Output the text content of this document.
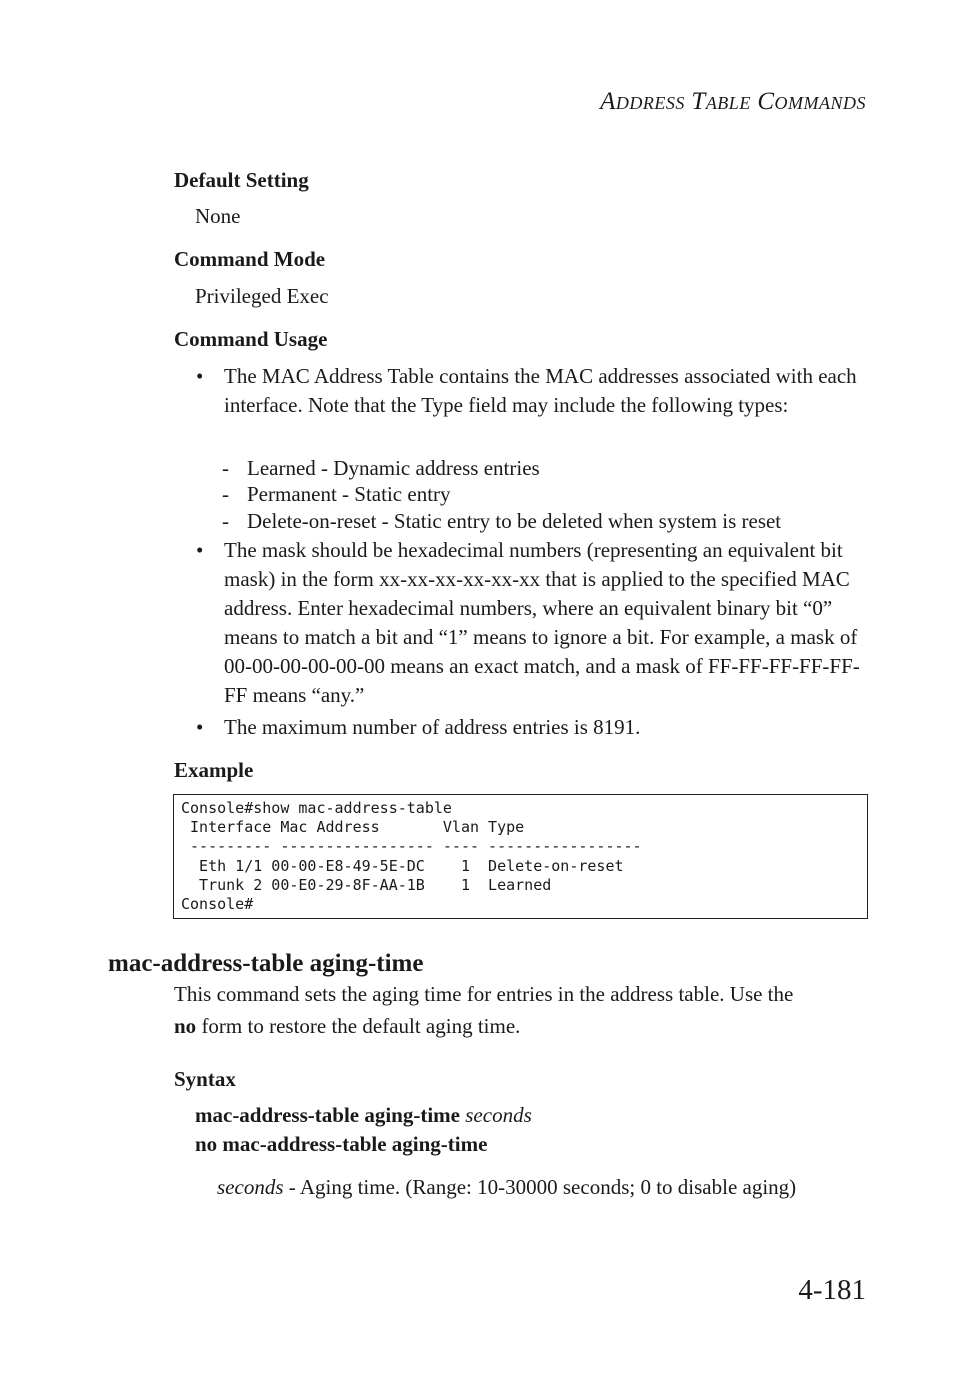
ADDRESS TABLE COMMANDS
Default Setting
None
Command Mode
Privileged Exec
Command Usage
• The MAC Address Table contains the MAC addresses associated with each interface. Note that the Type field may include the following types:
- Learned - Dynamic address entries
- Permanent - Static entry
- Delete-on-reset - Static entry to be deleted when system is reset
• The mask should be hexadecimal numbers (representing an equivalent bit mask) in the form xx-xx-xx-xx-xx-xx that is applied to the specified MAC address. Enter hexadecimal numbers, where an equivalent binary bit “0” means to match a bit and “1” means to ignore a bit. For example, a mask of 00-00-00-00-00-00 means an exact match, and a mask of FF-FF-FF-FF-FF-FF means “any.”
• The maximum number of address entries is 8191.
Example
Console#show mac-address-table
Interface Mac Address       Vlan Type
--------- ----------------- ---- -----------------
Eth 1/1 00-00-E8-49-5E-DC    1  Delete-on-reset
Trunk 2 00-E0-29-8F-AA-1B    1  Learned
Console#
mac-address-table aging-time
This command sets the aging time for entries in the address table. Use the
no form to restore the default aging time.
Syntax
mac-address-table aging-time seconds
no mac-address-table aging-time
seconds - Aging time. (Range: 10-30000 seconds; 0 to disable aging)
4-181
